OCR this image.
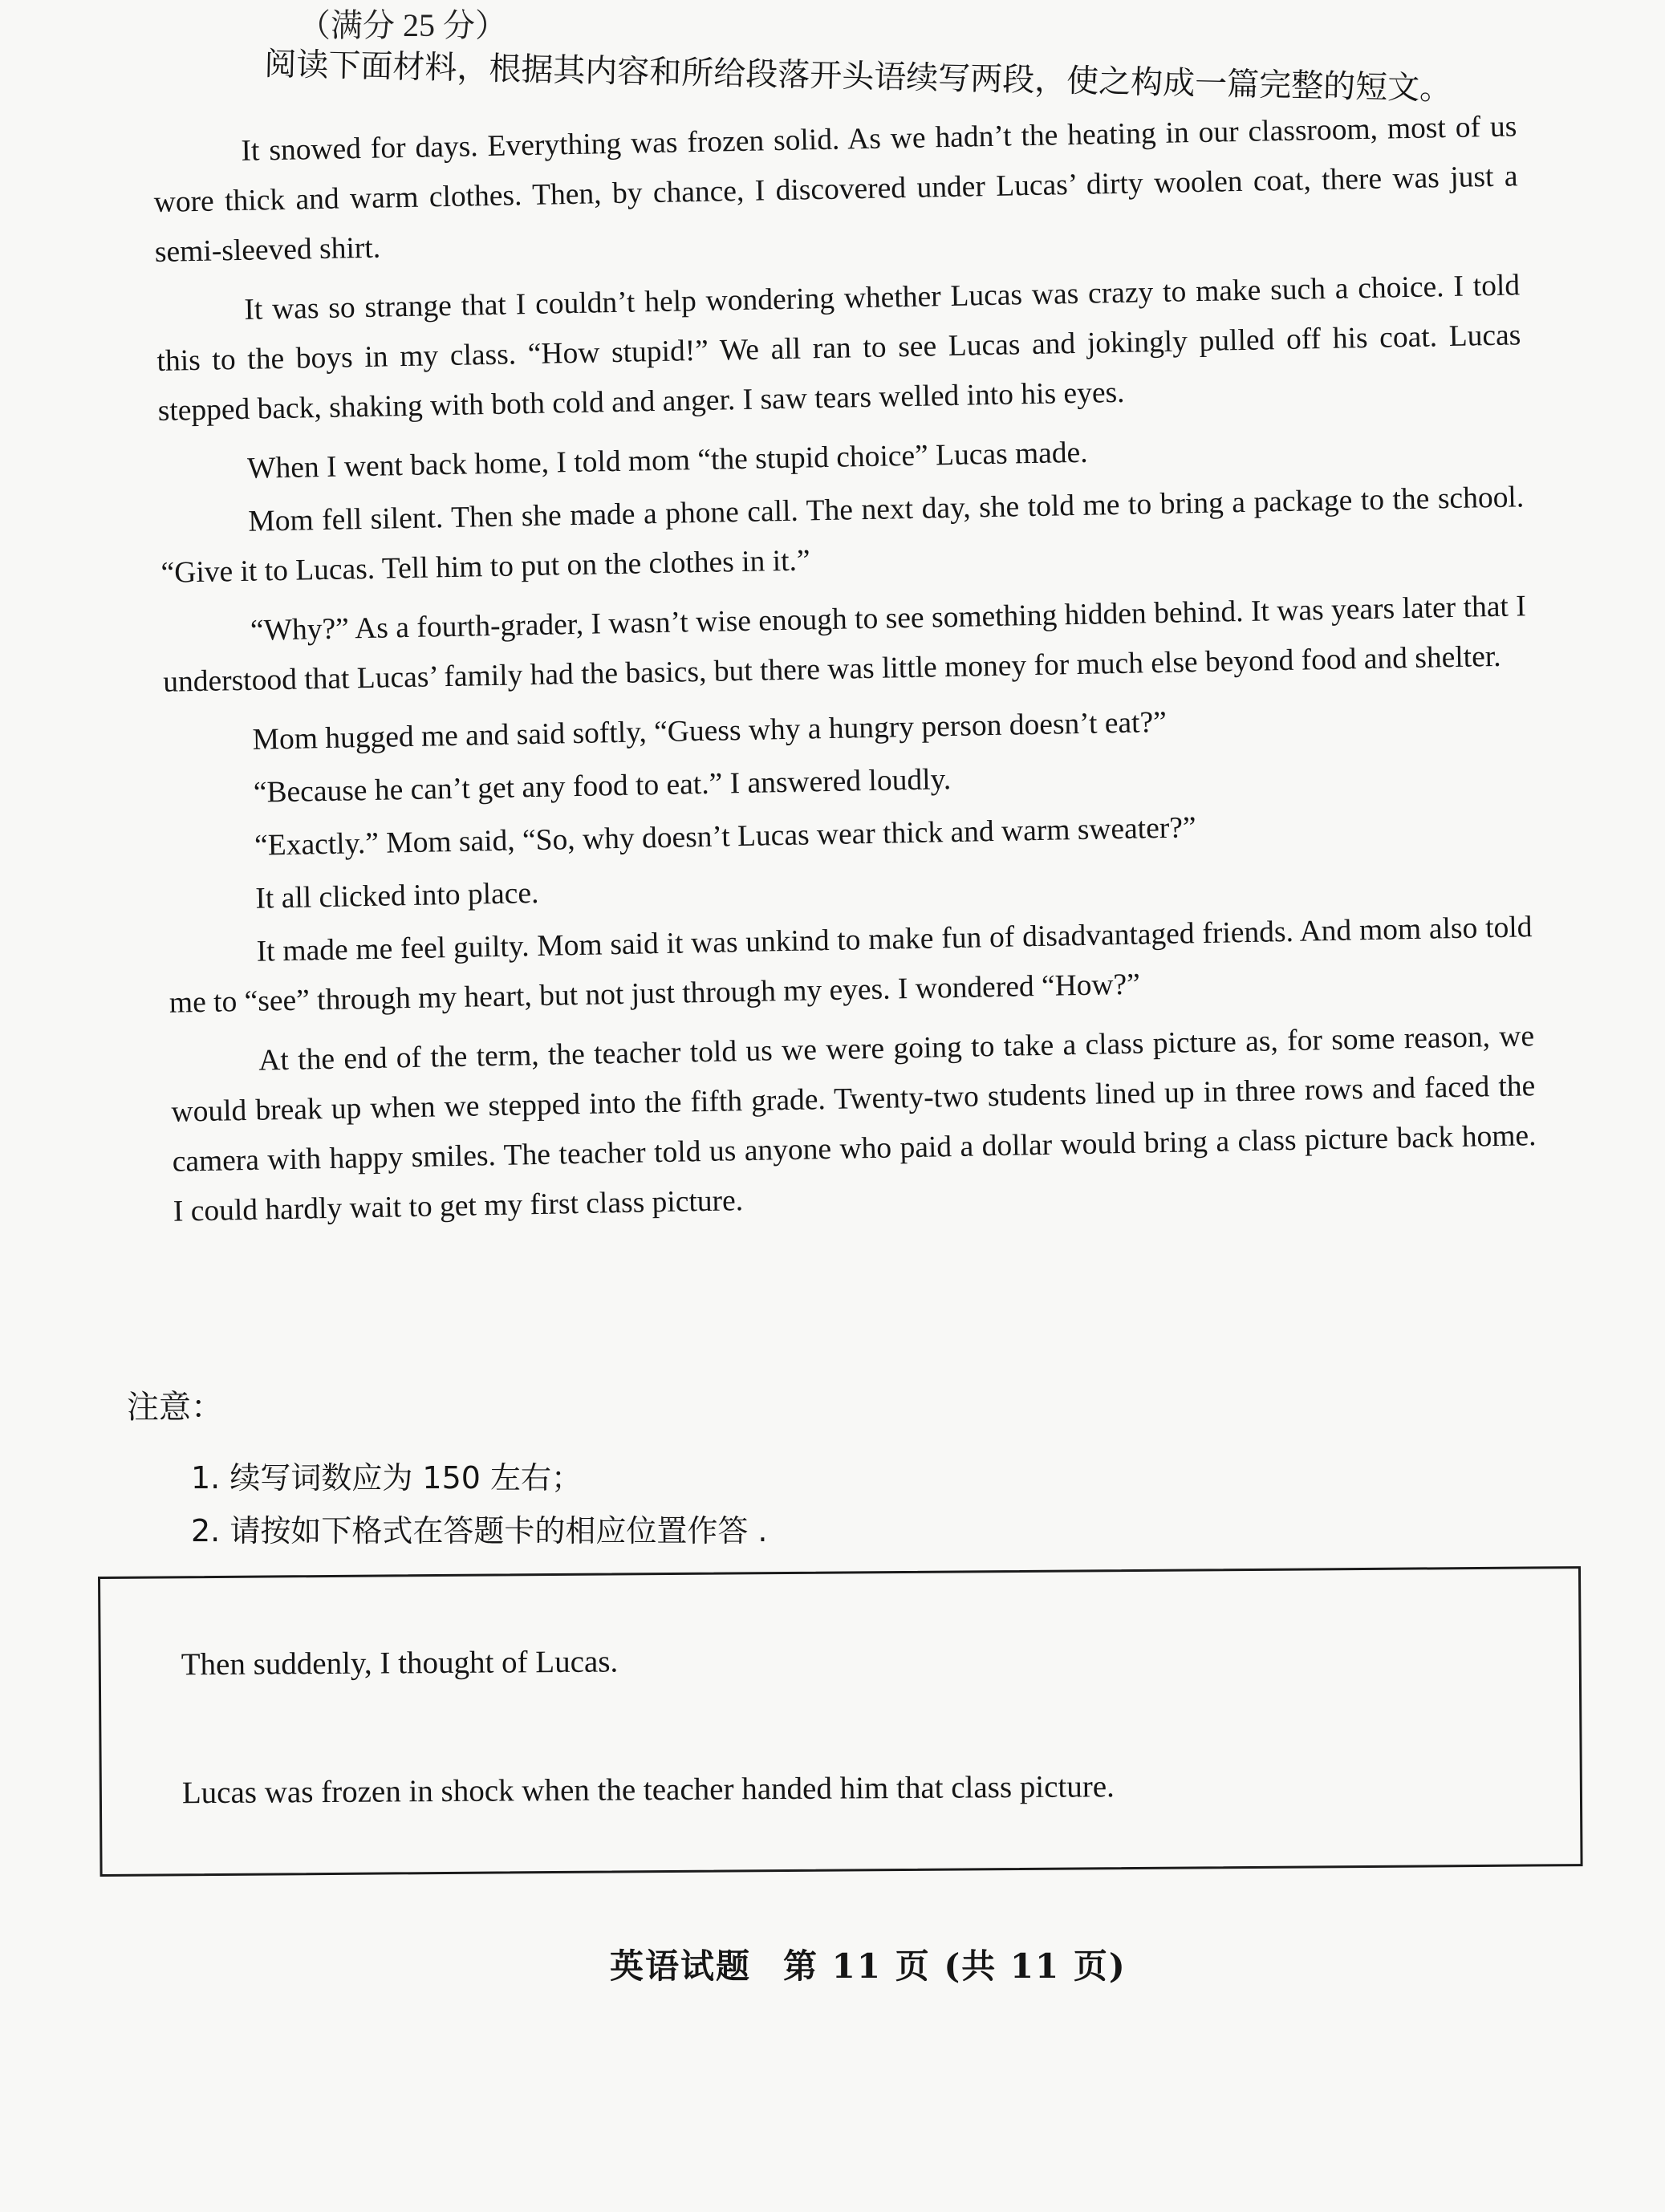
（满分 25 分）
阅读下面材料，根据其内容和所给段落开头语续写两段，使之构成一篇完整的短文。

It snowed for days. Everything was frozen solid. As we hadn’t the heating in our classroom, most of us wore thick and warm clothes. Then, by chance, I discovered under Lucas’ dirty woolen coat, there was just a semi-sleeved shirt.

It was so strange that I couldn’t help wondering whether Lucas was crazy to make such a choice. I told this to the boys in my class. “How stupid!” We all ran to see Lucas and jokingly pulled off his coat. Lucas stepped back, shaking with both cold and anger. I saw tears welled into his eyes.

When I went back home, I told mom “the stupid choice” Lucas made.

Mom fell silent. Then she made a phone call. The next day, she told me to bring a package to the school. “Give it to Lucas. Tell him to put on the clothes in it.”

“Why?” As a fourth-grader, I wasn’t wise enough to see something hidden behind. It was years later that I understood that Lucas’ family had the basics, but there was little money for much else beyond food and shelter.

Mom hugged me and said softly, “Guess why a hungry person doesn’t eat?”

“Because he can’t get any food to eat.” I answered loudly.

“Exactly.” Mom said, “So, why doesn’t Lucas wear thick and warm sweater?”

It all clicked into place.

It made me feel guilty. Mom said it was unkind to make fun of disadvantaged friends. And mom also told me to “see” through my heart, but not just through my eyes. I wondered “How?”

At the end of the term, the teacher told us we were going to take a class picture as, for some reason, we would break up when we stepped into the fifth grade. Twenty-two students lined up in three rows and faced the camera with happy smiles. The teacher told us anyone who paid a dollar would bring a class picture back home. I could hardly wait to get my first class picture.

注意：
1. 续写词数应为 150 左右；
2. 请按如下格式在答题卡的相应位置作答 .
Then suddenly, I thought of Lucas.
Lucas was frozen in shock when the teacher handed him that class picture.
英语试题 第 11 页 (共 11 页)
